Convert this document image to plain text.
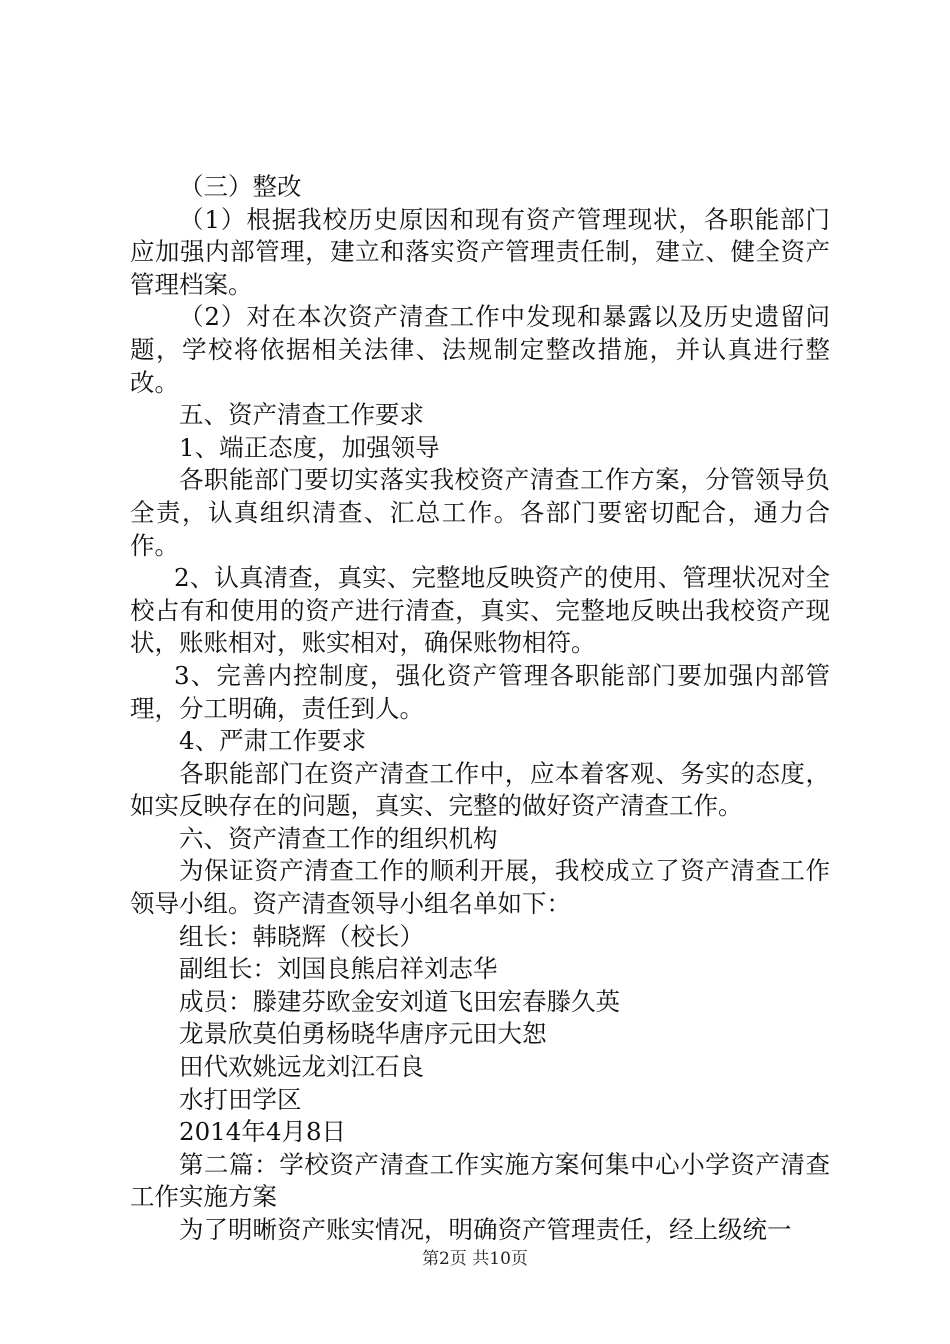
（三）整改

（1）根据我校历史原因和现有资产管理现状，各职能部门应加强内部管理，建立和落实资产管理责任制，建立、健全资产管理档案。

（2）对在本次资产清查工作中发现和暴露以及历史遗留问题，学校将依据相关法律、法规制定整改措施，并认真进行整改。

五、资产清查工作要求

1、端正态度，加强领导

各职能部门要切实落实我校资产清查工作方案，分管领导负全责，认真组织清查、汇总工作。各部门要密切配合，通力合作。

2、认真清查，真实、完整地反映资产的使用、管理状况对全校占有和使用的资产进行清查，真实、完整地反映出我校资产现状，账账相对，账实相对，确保账物相符。

3、完善内控制度，强化资产管理各职能部门要加强内部管理，分工明确，责任到人。

4、严肃工作要求

各职能部门在资产清查工作中，应本着客观、务实的态度，如实反映存在的问题，真实、完整的做好资产清查工作。

六、资产清查工作的组织机构

为保证资产清查工作的顺利开展，我校成立了资产清查工作领导小组。资产清查领导小组名单如下：

组长：韩晓辉（校长）

副组长：刘国良熊启祥刘志华

成员：滕建芬欧金安刘道飞田宏春滕久英

龙景欣莫伯勇杨晓华唐序元田大恕

田代欢姚远龙刘江石良

水打田学区

2014年4月8日

第二篇：学校资产清查工作实施方案何集中心小学资产清查工作实施方案

为了明晰资产账实情况，明确资产管理责任，经上级统一

第2页 共10页
